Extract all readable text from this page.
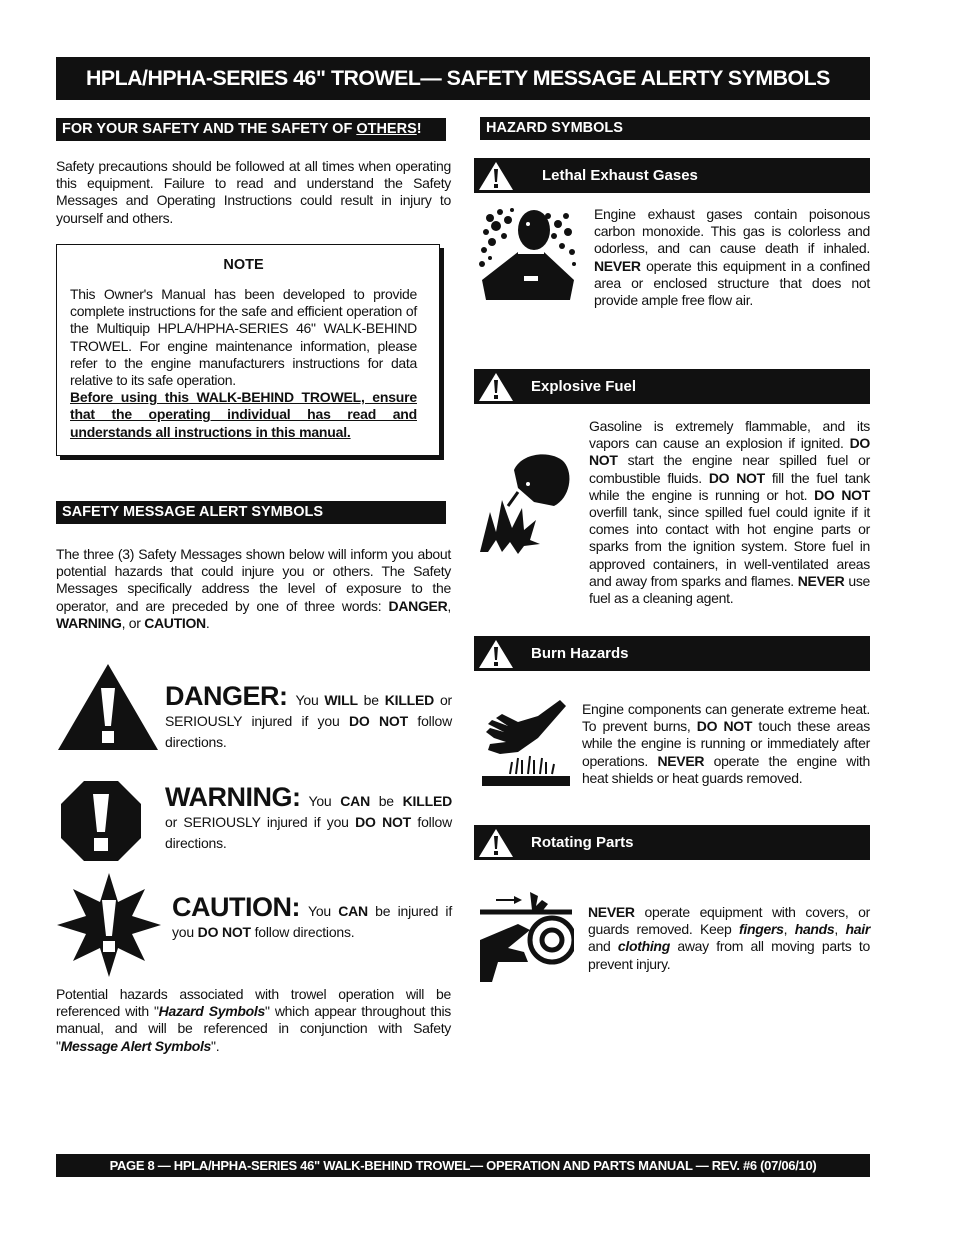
HPLA/HPHA-SERIES 46" TROWEL— SAFETY MESSAGE ALERTY SYMBOLS
FOR YOUR SAFETY AND THE SAFETY OF OTHERS!
Safety precautions should be followed at all times when operating this equipment. Failure to read and understand the Safety Messages and Operating Instructions could result in injury to yourself and others.
NOTE
This Owner's Manual has been developed to provide complete instructions for the safe and efficient operation of the Multiquip HPLA/HPHA-SERIES 46" WALK-BEHIND TROWEL. For engine maintenance information, please refer to the engine manufacturers instructions for data relative to its safe operation.
Before using this WALK-BEHIND TROWEL, ensure that the operating individual has read and understands all instructions in this manual.
SAFETY MESSAGE ALERT SYMBOLS
The three (3) Safety Messages shown below will inform you about potential hazards that could injure you or others. The Safety Messages specifically address the level of exposure to the operator, and are preceded by one of three words: DANGER, WARNING, or CAUTION.
DANGER: You WILL be KILLED or SERIOUSLY injured if you DO NOT follow directions.
WARNING: You CAN be KILLED or SERIOUSLY injured if you DO NOT follow directions.
CAUTION: You CAN be injured if you DO NOT follow directions.
Potential hazards associated with trowel operation will be referenced with "Hazard Symbols" which appear throughout this manual, and will be referenced in conjunction with Safety "Message Alert Symbols".
HAZARD SYMBOLS
Lethal Exhaust Gases
Engine exhaust gases contain poisonous carbon monoxide. This gas is colorless and odorless, and can cause death if inhaled. NEVER operate this equipment in a confined area or enclosed structure that does not provide ample free flow air.
Explosive Fuel
Gasoline is extremely flammable, and its vapors can cause an explosion if ignited. DO NOT start the engine near spilled fuel or combustible fluids. DO NOT fill the fuel tank while the engine is running or hot. DO NOT overfill tank, since spilled fuel could ignite if it comes into contact with hot engine parts or sparks from the ignition system. Store fuel in approved containers, in well-ventilated areas and away from sparks and flames. NEVER use fuel as a cleaning agent.
Burn Hazards
Engine components can generate extreme heat. To prevent burns, DO NOT touch these areas while the engine is running or immediately after operations. NEVER operate the engine with heat shields or heat guards removed.
Rotating Parts
NEVER operate equipment with covers, or guards removed. Keep fingers, hands, hair and clothing away from all moving parts to prevent injury.
PAGE 8 — HPLA/HPHA-SERIES 46" WALK-BEHIND TROWEL— OPERATION AND PARTS MANUAL — REV. #6 (07/06/10)
